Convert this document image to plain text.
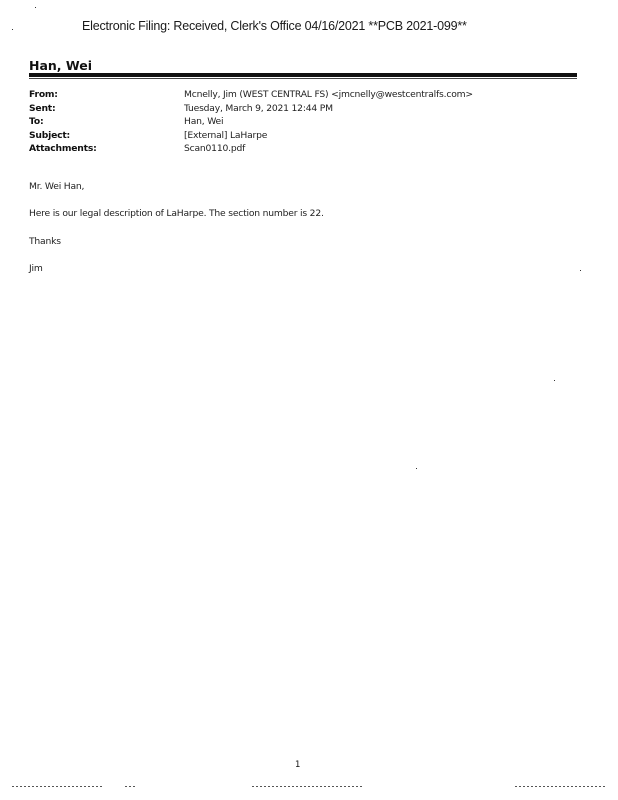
Electronic Filing: Received, Clerk's Office 04/16/2021 **PCB 2021-099**
Han, Wei
From:	Mcnelly, Jim (WEST CENTRAL FS) <jmcnelly@westcentralfs.com>
Sent:	Tuesday, March 9, 2021 12:44 PM
To:	Han, Wei
Subject:	[External] LaHarpe
Attachments:	Scan0110.pdf
Mr. Wei Han,
Here is our legal description of LaHarpe. The section number is 22.
Thanks
Jim
1
